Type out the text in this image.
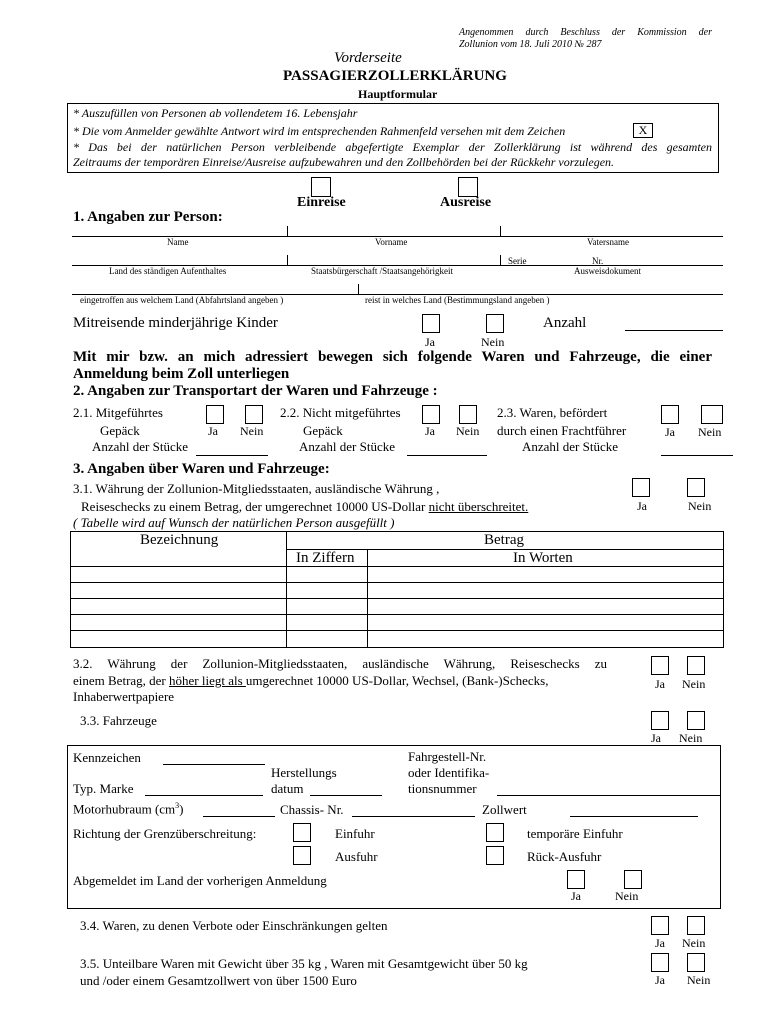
Angenommen durch Beschluss der Kommission der
Zollunion vom 18. Juli 2010 № 287
Vorderseite
PASSAGIERZOLLERKLÄRUNG
Hauptformular
* Auszufüllen von Personen ab vollendetem 16. Lebensjahr
* Die vom Anmelder gewählte Antwort wird im entsprechenden Rahmenfeld versehen mit dem Zeichen	X
* Das bei der natürlichen Person verbleibende abgefertigte Exemplar der Zollerklärung ist während des gesamten
Zeitraums der temporären Einreise/Ausreise aufzubewahren und den Zollbehörden bei der Rückkehr vorzulegen.
Einreise	Ausreise
1. Angaben zur Person:
Name	Vorname	Vatersname
Serie	Nr.
Land des ständigen Aufenthaltes	Staatsbürgerschaft /Staatsangehörigkeit	Ausweisdokument
eingetroffen aus welchem Land (Abfahrtsland angeben )	reist in welches Land (Bestimmungsland angeben )
Mitreisende minderjährige Kinder	Anzahl
Ja	Nein
Mit mir bzw. an mich adressiert bewegen sich folgende Waren und Fahrzeuge, die einer
Anmeldung beim Zoll unterliegen
2. Angaben zur Transportart der Waren und Fahrzeuge :
2.1. Mitgeführtes
Gepäck	Ja Nein
Anzahl der Stücke
2.2. Nicht mitgeführtes
Gepäck	Ja Nein
Anzahl der Stücke
2.3. Waren, befördert
durch einen Frachtführer	Ja Nein
Anzahl der Stücke
3. Angaben über Waren und Fahrzeuge:
3.1. Währung der Zollunion-Mitgliedsstaaten, ausländische Währung ,
Reiseschecks zu einem Betrag, der umgerechnet 10000 US-Dollar nicht überschreitet.	Ja	Nein
( Tabelle wird auf Wunsch der natürlichen Person ausgefüllt )
Bezeichnung	Betrag
In Ziffern	In Worten
3.2. Währung der Zollunion-Mitgliedsstaaten, ausländische Währung, Reiseschecks zu
einem Betrag, der höher liegt als umgerechnet 10000 US-Dollar, Wechsel, (Bank-)Schecks,
Inhaberwertpapiere
Ja Nein
3.3. Fahrzeuge
Ja Nein
Kennzeichen	Fahrgestell-Nr.
oder Identifika-
tionsnummer
Herstellungs
datum
Typ. Marke
Motorhubraum $(cm^3)$	Chassis- Nr.	Zollwert
Richtung der Grenzüberschreitung:	Einfuhr	temporäre Einfuhr
Ausfuhr	Rück-Ausfuhr
Abgemeldet im Land der vorherigen Anmeldung
Ja	Nein
3.4. Waren, zu denen Verbote oder Einschränkungen gelten
Ja Nein
3.5. Unteilbare Waren mit Gewicht über 35 kg , Waren mit Gesamtgewicht über 50 kg
und /oder einem Gesamtzollwert von über 1500 Euro	Ja Nein
